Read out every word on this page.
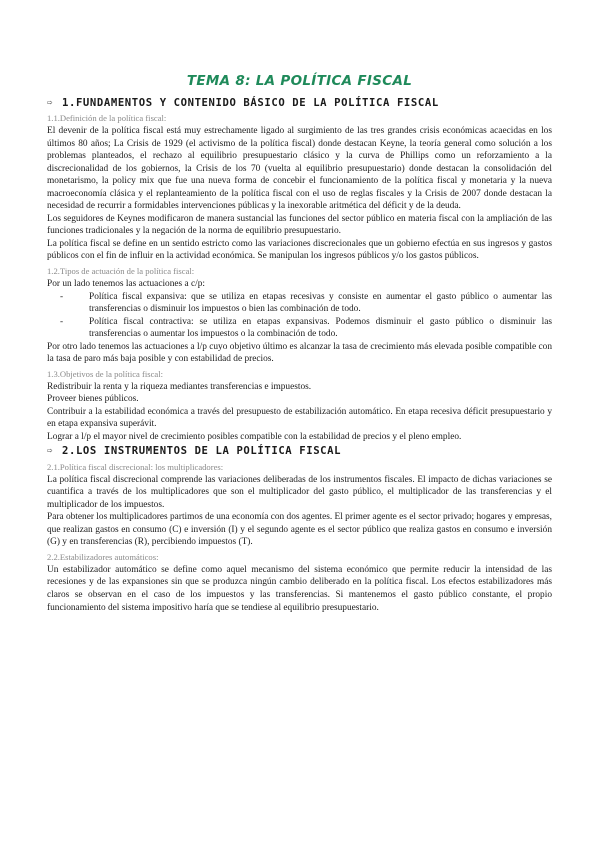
TEMA 8: LA POLÍTICA FISCAL
⇨ 1.FUNDAMENTOS Y CONTENIDO BÁSICO DE LA POLÍTICA FISCAL
1.1.Definición de la política fiscal:

El devenir de la política fiscal está muy estrechamente ligado al surgimiento de las tres grandes crisis económicas acaecidas en los últimos 80 años; La Crisis de 1929 (el activismo de la política fiscal) donde destacan Keyne, la teoría general como solución a los problemas planteados, el rechazo al equilibrio presupuestario clásico y la curva de Phillips como un reforzamiento a la discrecionalidad de los gobiernos, la Crisis de los 70 (vuelta al equilibrio presupuestario) donde destacan la consolidación del monetarismo, la policy mix que fue una nueva forma de concebir el funcionamiento de la política fiscal y monetaria y la nueva macroeconomía clásica y el replanteamiento de la política fiscal con el uso de reglas fiscales y la Crisis de 2007 donde destacan la necesidad de recurrir a formidables intervenciones públicas y la inexorable aritmética del déficit y de la deuda.

Los seguidores de Keynes modificaron de manera sustancial las funciones del sector público en materia fiscal con la ampliación de las funciones tradicionales y la negación de la norma de equilibrio presupuestario.

La política fiscal se define en un sentido estricto como las variaciones discrecionales que un gobierno efectúa en sus ingresos y gastos públicos con el fin de influir en la actividad económica. Se manipulan los ingresos públicos y/o los gastos públicos.

1.2.Tipos de actuación de la política fiscal:

Por un lado tenemos las actuaciones a c/p:

- Política fiscal expansiva: que se utiliza en etapas recesivas y consiste en aumentar el gasto público o aumentar las transferencias o disminuir los impuestos o bien las combinación de todo.
- Política fiscal contractiva: se utiliza en etapas expansivas. Podemos disminuir el gasto público o disminuir las transferencias o aumentar los impuestos o la combinación de todo.

Por otro lado tenemos las actuaciones a l/p cuyo objetivo último es alcanzar la tasa de crecimiento más elevada posible compatible con la tasa de paro más baja posible y con estabilidad de precios.

1.3.Objetivos de la política fiscal:

Redistribuir la renta y la riqueza mediantes transferencias e impuestos.

Proveer bienes públicos.

Contribuir a la estabilidad económica a través del presupuesto de estabilización automático. En etapa recesiva déficit presupuestario y en etapa expansiva superávit.

Lograr a l/p el mayor nivel de crecimiento posibles compatible con la estabilidad de precios y el pleno empleo.

⇨ 2.LOS INSTRUMENTOS DE LA POLÍTICA FISCAL
2.1.Política fiscal discrecional: los multiplicadores:

La política fiscal discrecional comprende las variaciones deliberadas de los instrumentos fiscales. El impacto de dichas variaciones se cuantifica a través de los multiplicadores que son el multiplicador del gasto público, el multiplicador de las transferencias y el multiplicador de los impuestos.

Para obtener los multiplicadores partimos de una economía con dos agentes. El primer agente es el sector privado; hogares y empresas, que realizan gastos en consumo (C) e inversión (I) y el segundo agente es el sector público que realiza gastos en consumo e inversión (G) y en transferencias (R), percibiendo impuestos (T).

2.2.Estabilizadores automáticos:

Un estabilizador automático se define como aquel mecanismo del sistema económico que permite reducir la intensidad de las recesiones y de las expansiones sin que se produzca ningún cambio deliberado en la política fiscal. Los efectos estabilizadores más claros se observan en el caso de los impuestos y las transferencias. Si mantenemos el gasto público constante, el propio funcionamiento del sistema impositivo haría que se tendiese al equilibrio presupuestario.
